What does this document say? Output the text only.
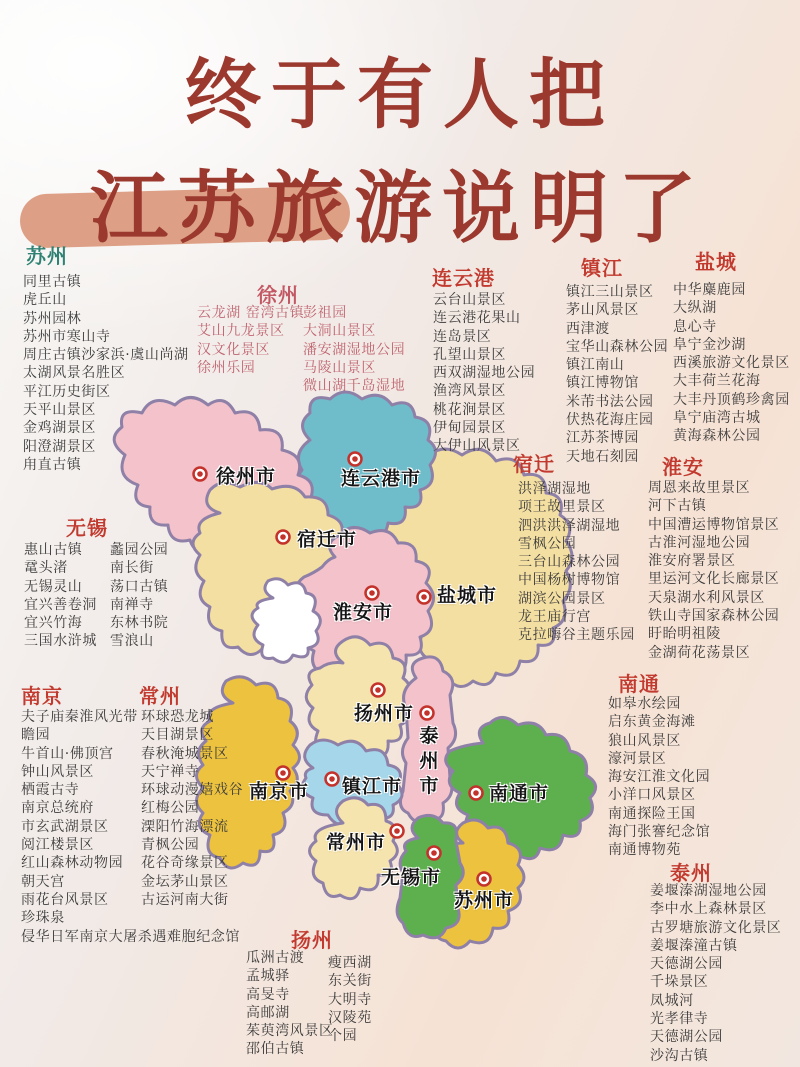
终于有人把
江苏旅游说明了
苏州
同里古镇
虎丘山
苏州园林
苏州市寒山寺
周庄古镇沙家浜·虞山尚湖
太湖风景名胜区
平江历史街区
天平山景区
金鸡湖景区
阳澄湖景区
甪直古镇
无锡
惠山古镇
鼋头渚
无锡灵山
宜兴善卷洞
宜兴竹海
三国水浒城
蠡园公园
南长街
荡口古镇
南禅寺
东林书院
雪浪山
南京
夫子庙秦淮风光带
瞻园
牛首山·佛顶宫
钟山风景区
栖霞古寺
南京总统府
市玄武湖景区
阅江楼景区
红山森林动物园
朝天宫
雨花台风景区
珍珠泉
侵华日军南京大屠杀遇难胞纪念馆
常州
环球恐龙城
天目湖景区
春秋淹城景区
天宁禅寺
环球动漫嬉戏谷
红梅公园
溧阳竹海漂流
青枫公园
花谷奇缘景区
金坛茅山景区
古运河南大街
徐州
云龙湖 窑湾古镇
艾山九龙景区
汉文化景区
徐州乐园
彭祖园
大洞山景区
潘安湖湿地公园
马陵山景区
微山湖千岛湿地
连云港
云台山景区
连云港花果山
连岛景区
孔望山景区
西双湖湿地公园
渔湾风景区
桃花涧景区
伊甸园景区
大伊山风景区
镇江
镇江三山景区
茅山风景区
西津渡
宝华山森林公园
镇江南山
镇江博物馆
米芾书法公园
伏热花海庄园
江苏茶博园
天地石刻园
盐城
中华麋鹿园
大纵湖
息心寺
阜宁金沙湖
西溪旅游文化景区
大丰荷兰花海
大丰丹顶鹤珍禽园
阜宁庙湾古城
黄海森林公园
宿迁
洪泽湖湿地
项王故里景区
泗洪洪泽湖湿地
雪枫公园
三台山森林公园
中国杨树博物馆
湖滨公园景区
龙王庙行宫
克拉嗨谷主题乐园
淮安
周恩来故里景区
河下古镇
中国漕运博物馆景区
古淮河湿地公园
淮安府署景区
里运河文化长廊景区
天泉湖水利风景区
铁山寺国家森林公园
盱眙明祖陵
金湖荷花荡景区
南通
如皋水绘园
启东黄金海滩
狼山风景区
濠河景区
海安江淮文化园
小洋口风景区
南通探险王国
海门张謇纪念馆
南通博物苑
泰州
姜堰溱湖湿地公园
李中水上森林景区
古罗塘旅游文化景区
姜堰溱潼古镇
天德湖公园
千垛景区
凤城河
光孝律寺
天德湖公园
沙沟古镇
扬州
瓜洲古渡
孟城驿
高旻寺
高邮湖
茱萸湾风景区
邵伯古镇
瘦西湖
东关街
大明寺
汉陵苑
个园
徐州市	连云港市
宿迁市
淮安市
盐城市
扬州市
泰州市
镇江市
南京市	南通市
常州市
无锡市
苏州市
